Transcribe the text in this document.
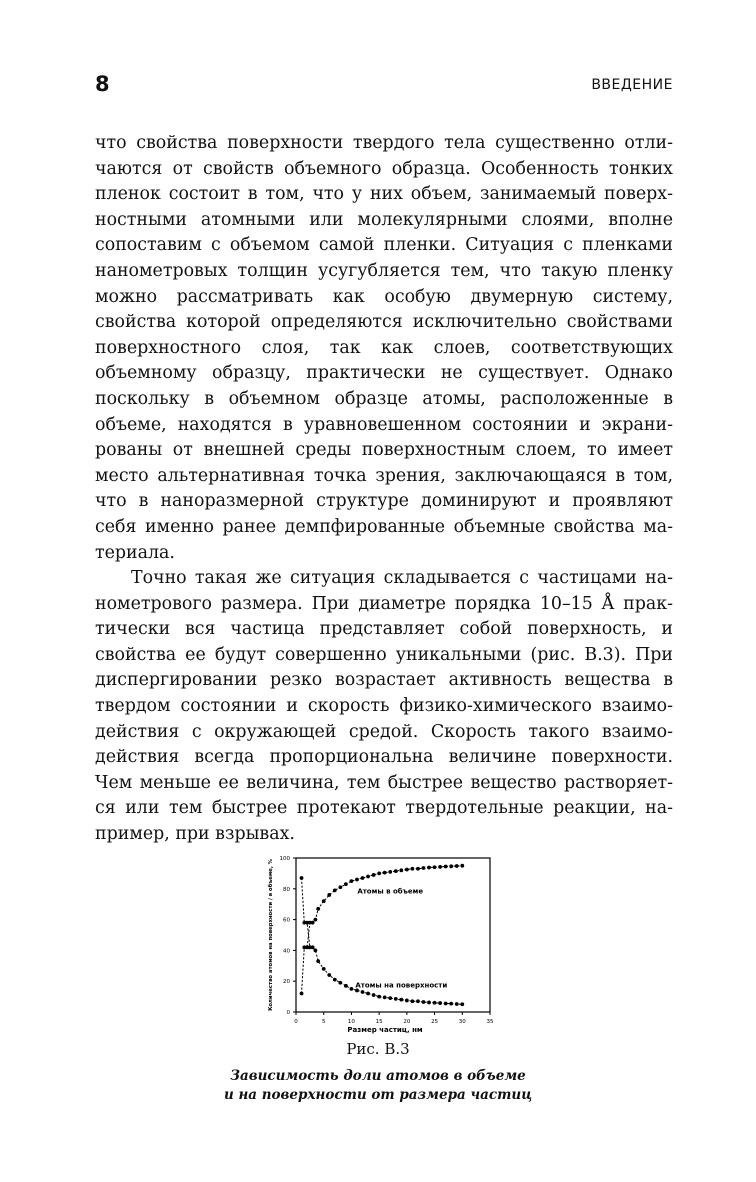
8	ВВЕДЕНИЕ

что свойства поверхности твердого тела существенно отличаются от свойств объемного образца. Особенность тонких пленок состоит в том, что у них объем, занимаемый поверхностными атомными или молекулярными слоями, вполне сопоставим с объемом самой пленки. Ситуация с пленками нанометровых толщин усугубляется тем, что такую пленку можно рассматривать как особую двумерную систему, свойства которой определяются исключительно свойствами поверхностного слоя, так как слоев, соответствующих объемному образцу, практически не существует. Однако поскольку в объемном образце атомы, расположенные в объеме, находятся в уравновешенном состоянии и экранированы от внешней среды поверхностным слоем, то имеет место альтернативная точка зрения, заключающаяся в том, что в наноразмерной структуре доминируют и проявляют себя именно ранее демпфированные объемные свойства материала.

Точно такая же ситуация складывается с частицами нанометрового размера. При диаметре порядка 10–15 Å практически вся частица представляет собой поверхность, и свойства ее будут совершенно уникальными (рис. В.3). При диспергировании резко возрастает активность вещества в твердом состоянии и скорость физико-химического взаимодействия с окружающей средой. Скорость такого взаимодействия всегда пропорциональна величине поверхности. Чем меньше ее величина, тем быстрее вещество растворяется или тем быстрее протекают твердотельные реакции, например, при взрывах.

0
20
40
60
80
100
0	5	10	15	20	25	30	35
Размер частиц, нм
Количество атомов на поверхности / в объеме, %	Атомы в объеме
Атомы на поверхности
Рис. В.3
Зависимость доли атомов в объеме
и на поверхности от размера частиц
